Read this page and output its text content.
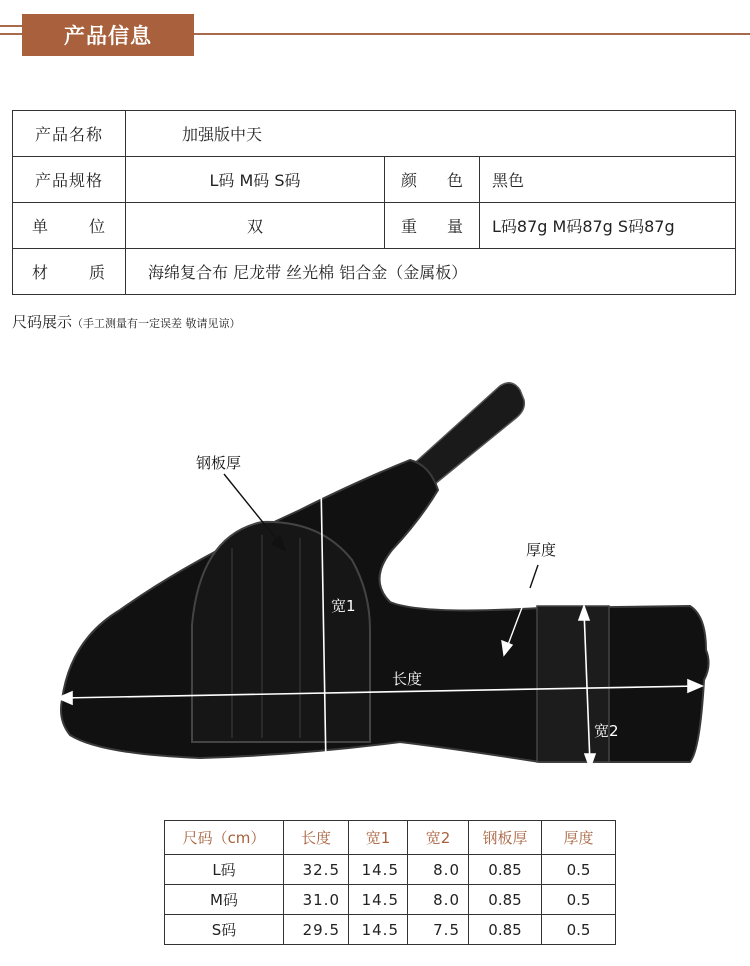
产品信息
产品名称	加强版中天		
产品规格	L码 M码 S码	颜 色	黑色
单 位	双	重 量	L码87g M码87g S码87g
材 质	海绵复合布 尼龙带 丝光棉 铝合金（金属板）		
尺码展示（手工测量有一定误差 敬请见谅）
钢板厚
宽1
厚度
长度
宽2
尺码（cm）	长度	宽1	宽2	钢板厚	厚度
L码	32.5	14.5	8.0	0.85	0.5
M码	31.0	14.5	8.0	0.85	0.5
S码	29.5	14.5	7.5	0.85	0.5
